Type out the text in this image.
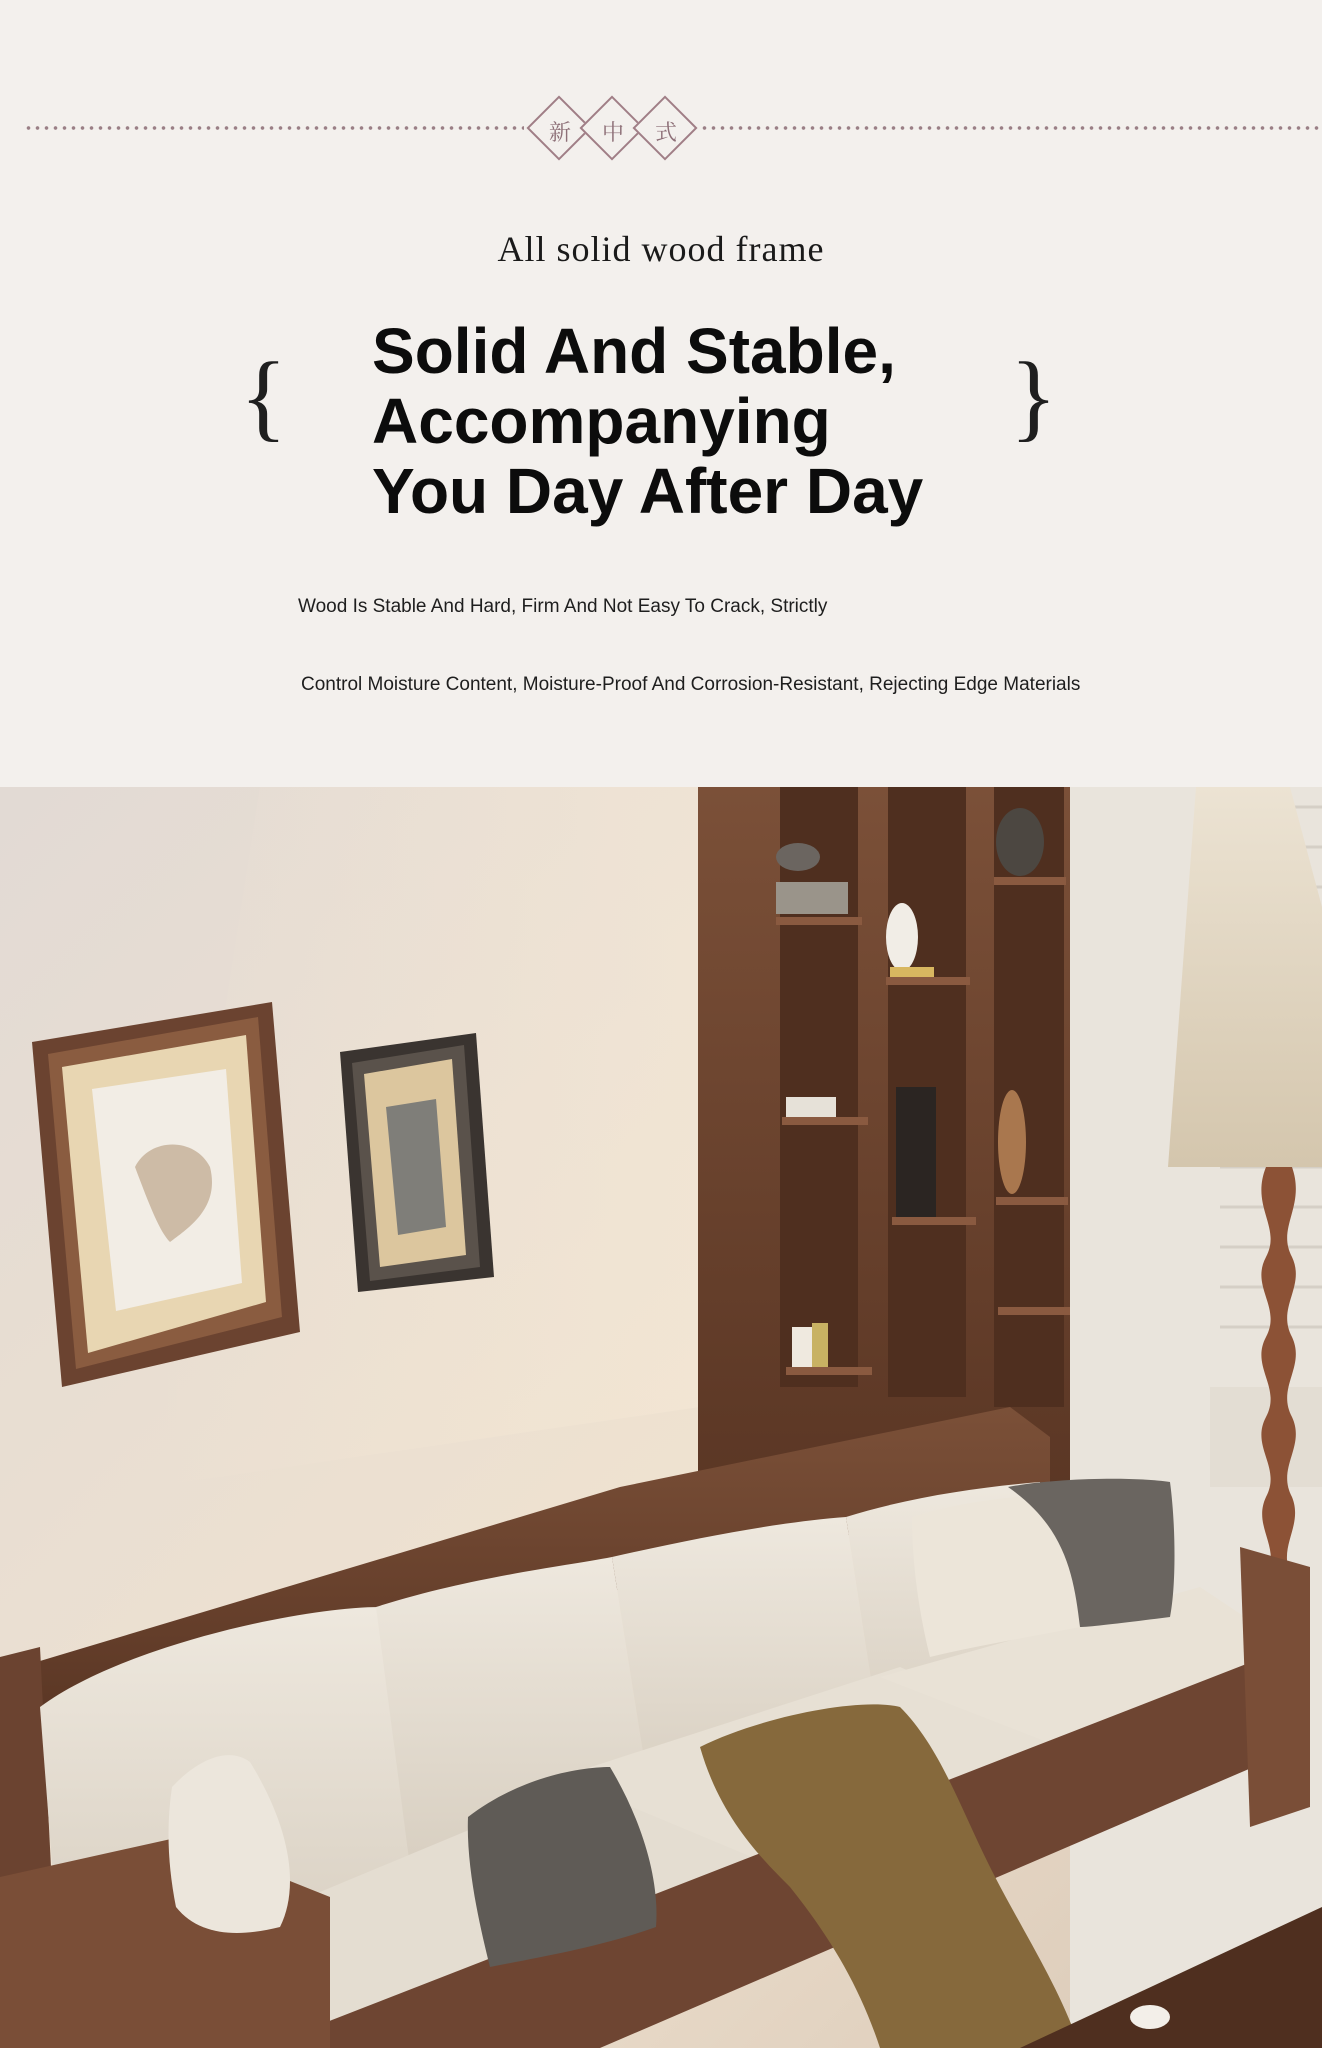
新 中 式
All solid wood frame
{	}
Solid And Stable,
Accompanying
You Day After Day
Wood Is Stable And Hard, Firm And Not Easy To Crack, Strictly
Control Moisture Content, Moisture-Proof And Corrosion-Resistant, Rejecting Edge Materials
